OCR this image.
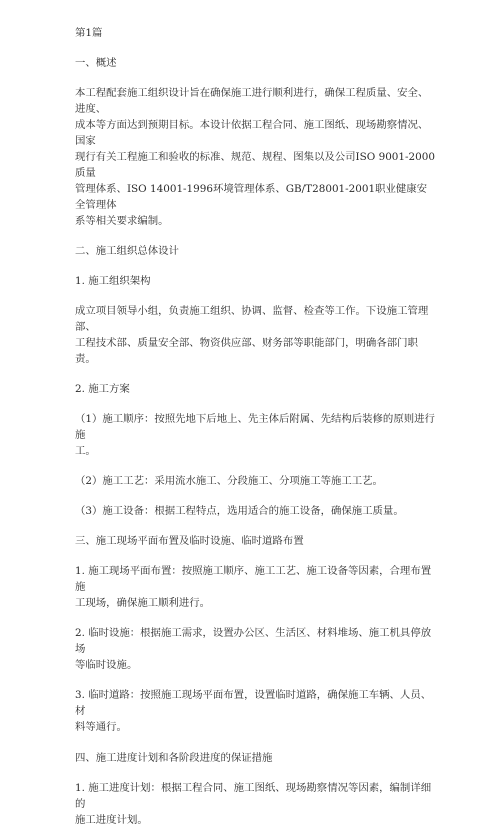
第1篇

一、概述

本工程配套施工组织设计旨在确保施工进行顺利进行，确保工程质量、安全、进度、
成本等方面达到预期目标。本设计依据工程合同、施工图纸、现场勘察情况、国家
现行有关工程施工和验收的标准、规范、规程、图集以及公司ISO 9001-2000质量
管理体系、ISO 14001-1996环境管理体系、GB/T28001-2001职业健康安全管理体
系等相关要求编制。

二、施工组织总体设计

1. 施工组织架构

成立项目领导小组，负责施工组织、协调、监督、检查等工作。下设施工管理部、
工程技术部、质量安全部、物资供应部、财务部等职能部门，明确各部门职责。

2. 施工方案

（1）施工顺序：按照先地下后地上、先主体后附属、先结构后装修的原则进行施
工。

（2）施工工艺：采用流水施工、分段施工、分项施工等施工工艺。

（3）施工设备：根据工程特点，选用适合的施工设备，确保施工质量。

三、施工现场平面布置及临时设施、临时道路布置

1. 施工现场平面布置：按照施工顺序、施工工艺、施工设备等因素，合理布置施
工现场，确保施工顺利进行。

2. 临时设施：根据施工需求，设置办公区、生活区、材料堆场、施工机具停放场
等临时设施。

3. 临时道路：按照施工现场平面布置，设置临时道路，确保施工车辆、人员、材
料等通行。

四、施工进度计划和各阶段进度的保证措施

1. 施工进度计划：根据工程合同、施工图纸、现场勘察情况等因素，编制详细的
施工进度计划。
